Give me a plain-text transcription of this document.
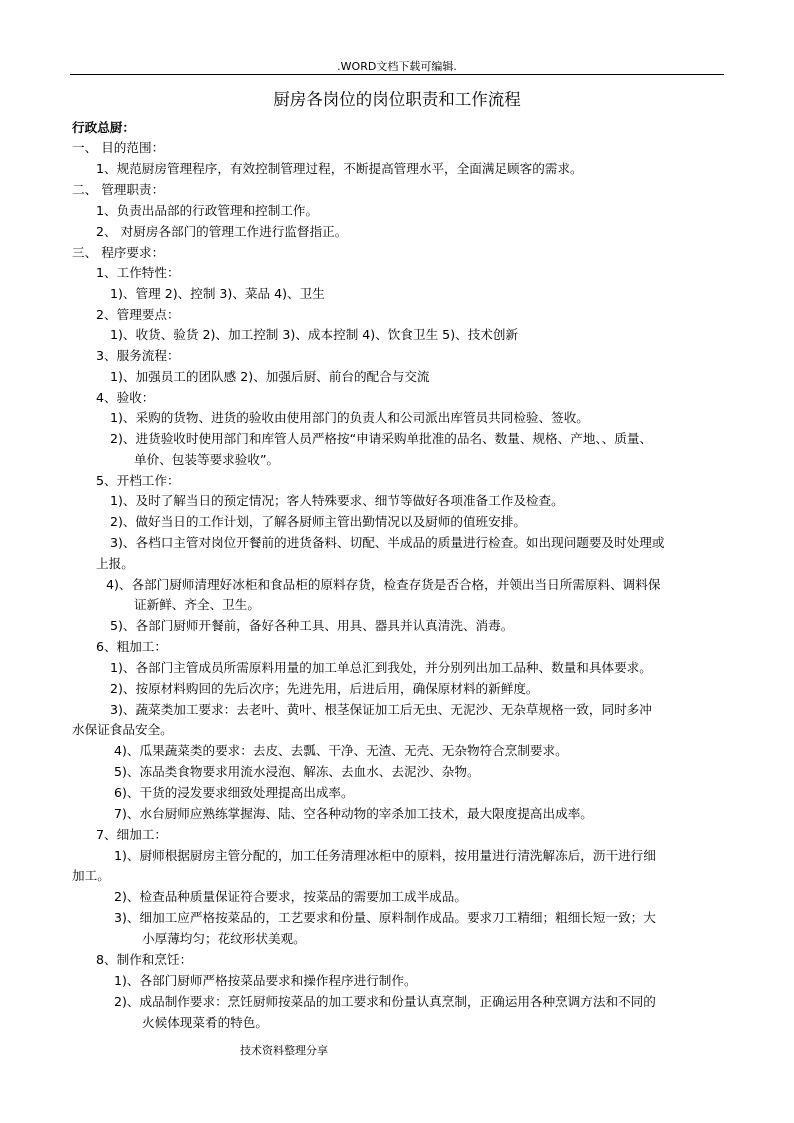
.WORD文档下载可编辑.
厨房各岗位的岗位职责和工作流程
行政总厨：
一、 目的范围：
1、规范厨房管理程序，有效控制管理过程，不断提高管理水平，全面满足顾客的需求。
二、 管理职责：
1、负责出品部的行政管理和控制工作。
2、 对厨房各部门的管理工作进行监督指正。
三、 程序要求：
1、工作特性：
1)、管理 2)、控制 3)、菜品 4)、卫生
2、管理要点：
1)、收货、验货 2)、加工控制 3)、成本控制 4)、饮食卫生 5)、技术创新
3、服务流程：
1)、加强员工的团队感 2)、加强后厨、前台的配合与交流
4、验收：
1)、采购的货物、进货的验收由使用部门的负责人和公司派出库管员共同检验、签收。
2)、进货验收时使用部门和库管人员严格按“申请采购单批准的品名、数量、规格、产地、、质量、
单价、包装等要求验收”。
5、开档工作：
1)、及时了解当日的预定情况；客人特殊要求、细节等做好各项准备工作及检查。
2)、做好当日的工作计划，了解各厨师主管出勤情况以及厨师的值班安排。
3)、各档口主管对岗位开餐前的进货备料、切配、半成品的质量进行检查。如出现问题要及时处理或
上报。
4)、各部门厨师清理好冰柜和食品柜的原料存货，检查存货是否合格，并领出当日所需原料、调料保
证新鲜、齐全、卫生。
5)、各部门厨师开餐前，备好各种工具、用具、器具并认真清洗、消毒。
6、粗加工：
1)、各部门主管成员所需原料用量的加工单总汇到我处，并分别列出加工品种、数量和具体要求。
2)、按原材料购回的先后次序；先进先用，后进后用，确保原材料的新鲜度。
3)、蔬菜类加工要求：去老叶、黄叶、根茎保证加工后无虫、无泥沙、无杂草规格一致，同时多冲
水保证食品安全。
4)、瓜果蔬菜类的要求：去皮、去瓢、干净、无渣、无壳、无杂物符合烹制要求。
5)、冻品类食物要求用流水浸泡、解冻、去血水、去泥沙、杂物。
6)、干货的浸发要求细致处理提高出成率。
7)、水台厨师应熟练掌握海、陆、空各种动物的宰杀加工技术，最大限度提高出成率。
7、细加工：
1)、厨师根据厨房主管分配的，加工任务清理冰柜中的原料，按用量进行清洗解冻后，沥干进行细
加工。
2)、检查品种质量保证符合要求，按菜品的需要加工成半成品。
3)、细加工应严格按菜品的，工艺要求和份量、原料制作成品。要求刀工精细；粗细长短一致；大
小厚薄均匀；花纹形状美观。
8、制作和烹饪：
1)、各部门厨师严格按菜品要求和操作程序进行制作。
2)、成品制作要求：烹饪厨师按菜品的加工要求和份量认真烹制，正确运用各种烹调方法和不同的
火候体现菜肴的特色。
技术资料整理分享
